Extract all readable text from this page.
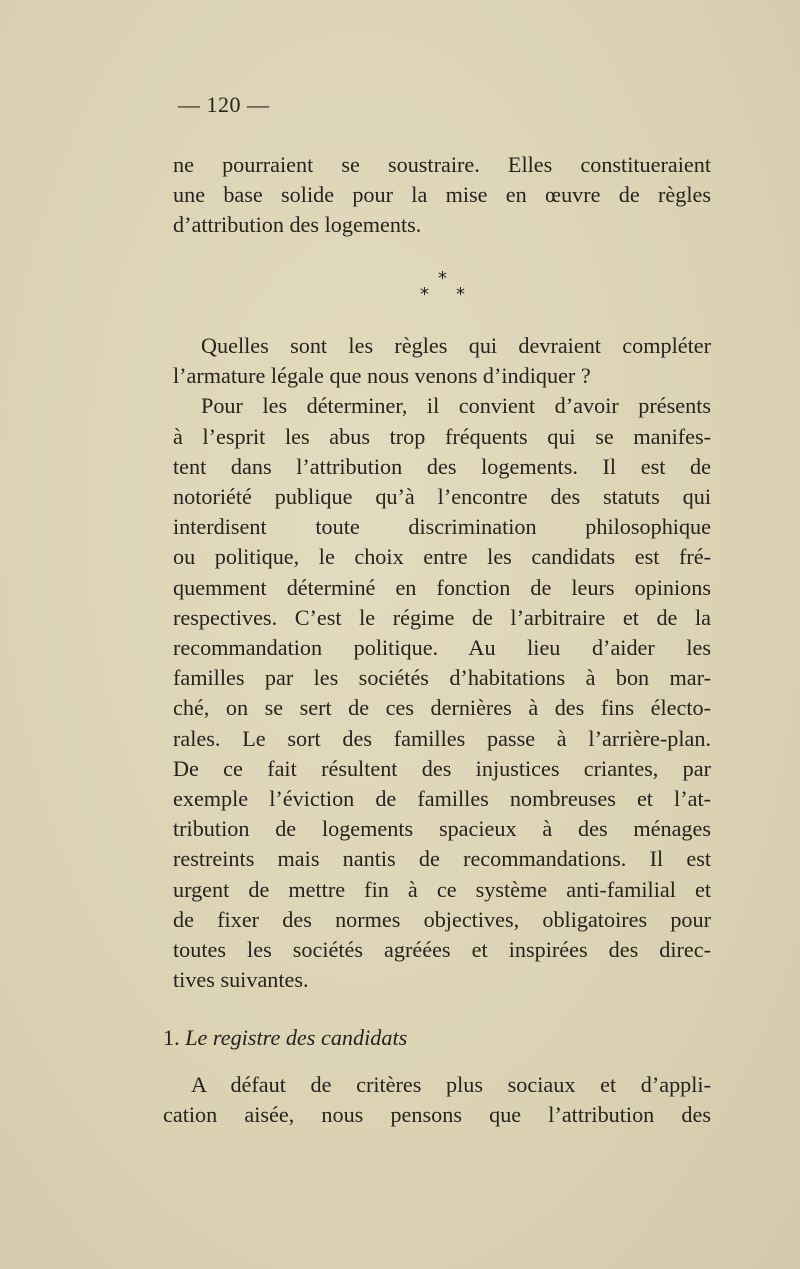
— 120 —

ne pourraient se soustraire. Elles constitueraient
une base solide pour la mise en œuvre de règles
d’attribution des logements.

*
* *

Quelles sont les règles qui devraient compléter
l’armature légale que nous venons d’indiquer ?
Pour les déterminer, il convient d’avoir présents
à l’esprit les abus trop fréquents qui se manifes-
tent dans l’attribution des logements. Il est de
notoriété publique qu’à l’encontre des statuts qui
interdisent toute discrimination philosophique
ou politique, le choix entre les candidats est fré-
quemment déterminé en fonction de leurs opinions
respectives. C’est le régime de l’arbitraire et de la
recommandation politique. Au lieu d’aider les
familles par les sociétés d’habitations à bon mar-
ché, on se sert de ces dernières à des fins électo-
rales. Le sort des familles passe à l’arrière-plan.
De ce fait résultent des injustices criantes, par
exemple l’éviction de familles nombreuses et l’at-
tribution de logements spacieux à des ménages
restreints mais nantis de recommandations. Il est
urgent de mettre fin à ce système anti-familial et
de fixer des normes objectives, obligatoires pour
toutes les sociétés agréées et inspirées des direc-
tives suivantes.

1. Le registre des candidats

A défaut de critères plus sociaux et d’appli-
cation aisée, nous pensons que l’attribution des
